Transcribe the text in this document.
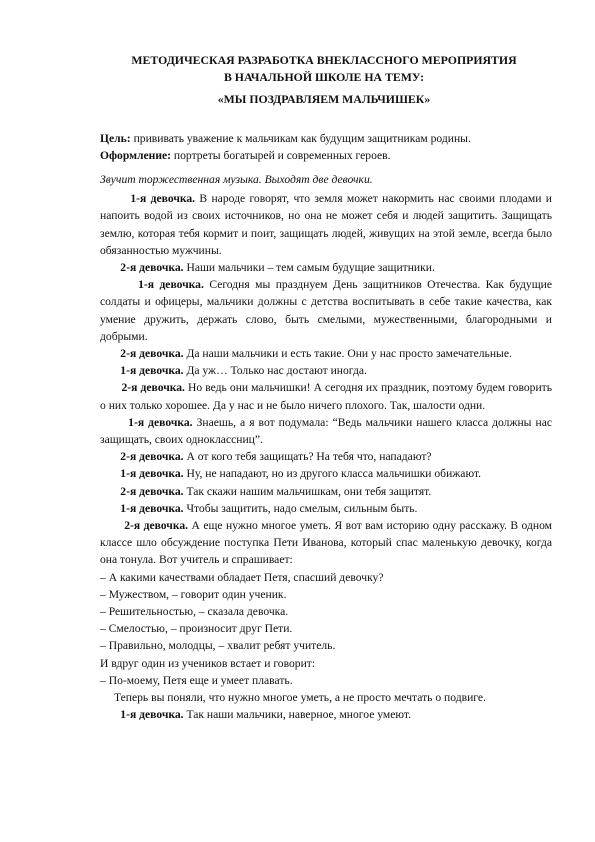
МЕТОДИЧЕСКАЯ РАЗРАБОТКА ВНЕКЛАССНОГО МЕРОПРИЯТИЯ

В НАЧАЛЬНОЙ ШКОЛЕ НА ТЕМУ:

«МЫ ПОЗДРАВЛЯЕМ МАЛЬЧИШЕК»

Цель: прививать уважение к мальчикам как будущим защитникам родины.

Оформление: портреты богатырей и современных героев.

Звучит торжественная музыка. Выходят две девочки.

1-я девочка. В народе говорят, что земля может накормить нас своими плодами и напоить водой из своих источников, но она не может себя и людей защитить. Защищать землю, которая тебя кормит и поит, защищать людей, живущих на этой земле, всегда было обязанностью мужчины.

2-я девочка. Наши мальчики – тем самым будущие защитники.

1-я девочка. Сегодня мы празднуем День защитников Отечества. Как будущие солдаты и офицеры, мальчики должны с детства воспитывать в себе такие качества, как умение дружить, держать слово, быть смелыми, мужественными, благородными и добрыми.

2-я девочка. Да наши мальчики и есть такие. Они у нас просто замечательные.

1-я девочка. Да уж… Только нас достают иногда.

2-я девочка. Но ведь они мальчишки! А сегодня их праздник, поэтому будем говорить о них только хорошее. Да у нас и не было ничего плохого. Так, шалости одни.

1-я девочка. Знаешь, а я вот подумала: “Ведь мальчики нашего класса должны нас защищать, своих одноклассниц”.

2-я девочка. А от кого тебя защищать? На тебя что, нападают?

1-я девочка. Ну, не нападают, но из другого класса мальчишки обижают.

2-я девочка. Так скажи нашим мальчишкам, они тебя защитят.

1-я девочка. Чтобы защитить, надо смелым, сильным быть.

2-я девочка. А еще нужно многое уметь. Я вот вам историю одну расскажу. В одном классе шло обсуждение поступка Пети Иванова, который спас маленькую девочку, когда она тонула. Вот учитель и спрашивает:

– А какими качествами обладает Петя, спасший девочку?

– Мужеством, – говорит один ученик.

– Решительностью, – сказала девочка.

– Смелостью, – произносит друг Пети.

– Правильно, молодцы, – хвалит ребят учитель.

И вдруг один из учеников встает и говорит:

– По-моему, Петя еще и умеет плавать.

Теперь вы поняли, что нужно многое уметь, а не просто мечтать о подвиге.

1-я девочка. Так наши мальчики, наверное, многое умеют.
